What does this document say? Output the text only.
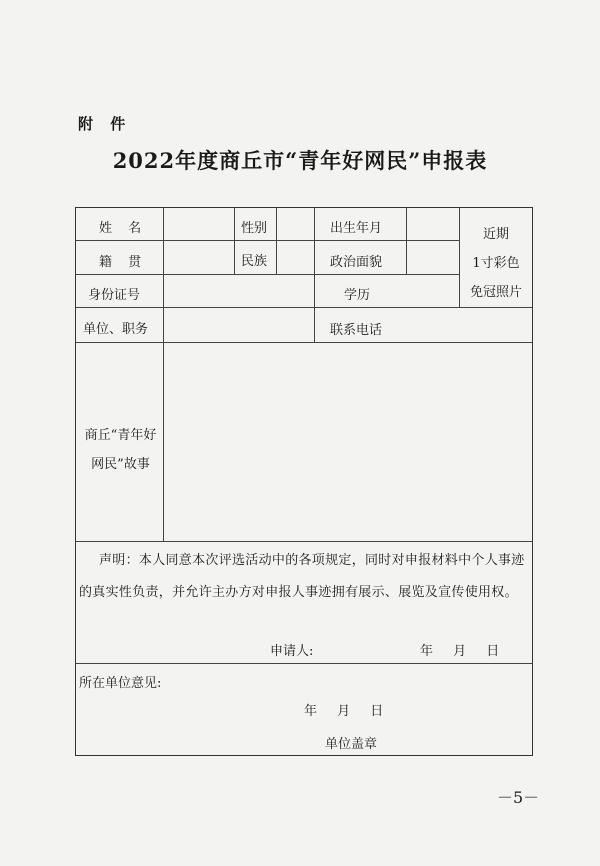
附 件
2022年度商丘市“青年好网民”申报表
姓 名	性别	出生年月
籍 贯	民族	政治面貌
身份证号	学历
单位、职务	联系电话
近期
1寸彩色
免冠照片
商丘“青年好
网民”故事
声明：本人同意本次评选活动中的各项规定，同时对申报材料中个人事迹的真实性负责，并允许主办方对申报人事迹拥有展示、展览及宣传使用权。
申请人:	年 月 日
所在单位意见:
年 月 日
单位盖章
－5－
